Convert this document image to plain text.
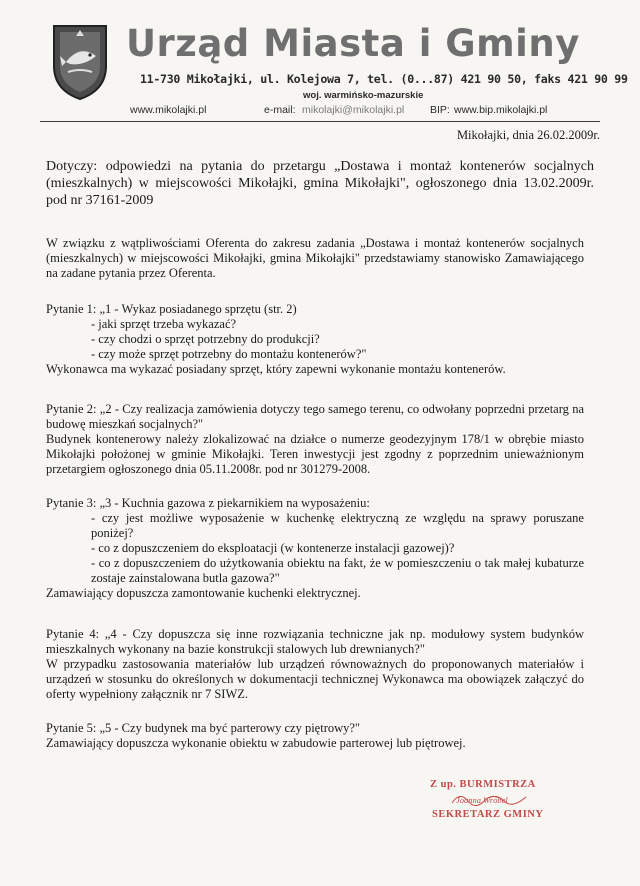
Urząd Miasta i Gminy
11-730 Mikołajki, ul. Kolejowa 7, tel. (0...87) 421 90 50, faks 421 90 99
woj. warmińsko-mazurskie
www.mikolajki.pl	e-mail: mikolajki@mikolajki.pl BIP: www.bip.mikolajki.pl
Mikołajki, dnia 26.02.2009r.
Dotyczy: odpowiedzi na pytania do przetargu „Dostawa i montaż kontenerów socjalnych (mieszkalnych) w miejscowości Mikołajki, gmina Mikołajki", ogłoszonego dnia 13.02.2009r. pod nr 37161-2009
W związku z wątpliwościami Oferenta do zakresu zadania „Dostawa i montaż kontenerów socjalnych (mieszkalnych) w miejscowości Mikołajki, gmina Mikołajki" przedstawiamy stanowisko Zamawiającego na zadane pytania przez Oferenta.
Pytanie 1: „1 - Wykaz posiadanego sprzętu (str. 2)
- jaki sprzęt trzeba wykazać?
- czy chodzi o sprzęt potrzebny do produkcji?
- czy może sprzęt potrzebny do montażu kontenerów?"
Wykonawca ma wykazać posiadany sprzęt, który zapewni wykonanie montażu kontenerów.
Pytanie 2: „2 - Czy realizacja zamówienia dotyczy tego samego terenu, co odwołany poprzedni przetarg na budowę mieszkań socjalnych?"
Budynek kontenerowy należy zlokalizować na działce o numerze geodezyjnym 178/1 w obrębie miasto Mikołajki położonej w gminie Mikołajki. Teren inwestycji jest zgodny z poprzednim unieważnionym przetargiem ogłoszonego dnia 05.11.2008r. pod nr 301279-2008.
Pytanie 3: „3 - Kuchnia gazowa z piekarnikiem na wyposażeniu:
- czy jest możliwe wyposażenie w kuchenkę elektryczną ze względu na sprawy poruszane poniżej?
- co z dopuszczeniem do eksploatacji (w kontenerze instalacji gazowej)?
- co z dopuszczeniem do użytkowania obiektu na fakt, że w pomieszczeniu o tak małej kubaturze zostaje zainstalowana butla gazowa?"
Zamawiający dopuszcza zamontowanie kuchenki elektrycznej.
Pytanie 4: „4 - Czy dopuszcza się inne rozwiązania techniczne jak np. modułowy system budynków mieszkalnych wykonany na bazie konstrukcji stalowych lub drewnianych?"
W przypadku zastosowania materiałów lub urządzeń równoważnych do proponowanych materiałów i urządzeń w stosunku do określonych w dokumentacji technicznej Wykonawca ma obowiązek załączyć do oferty wypełniony załącznik nr 7 SIWZ.
Pytanie 5: „5 - Czy budynek ma być parterowy czy piętrowy?"
Zamawiający dopuszcza wykonanie obiektu w zabudowie parterowej lub piętrowej.
Z up. BURMISTRZA
Joanna Wróbel
SEKRETARZ GMINY
